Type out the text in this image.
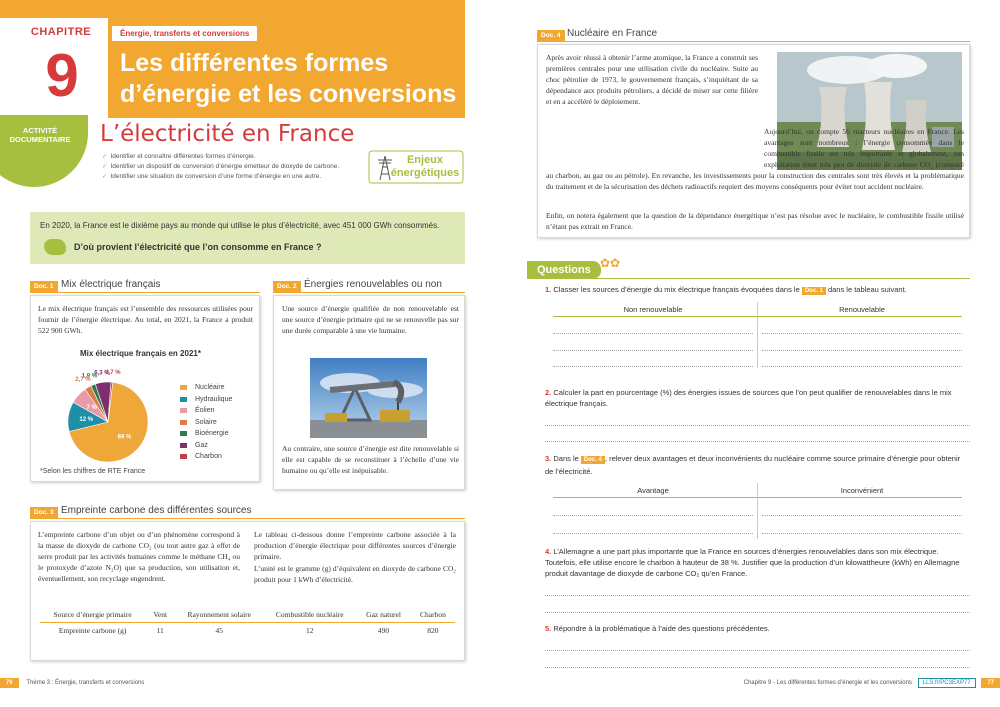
CHAPITRE
9
Énergie, transferts et conversions
Les différentes formes d’énergie et les conversions
ACTIVITÉ
DOCUMENTAIRE	L’électricité en France
✓ Identifier et connaître différentes formes d’énergie.
✓ Identifier un dispositif de conversion d’énergie émetteur de dioxyde de carbone.
✓ Identifier une situation de conversion d’une forme d’énergie en une autre.
Enjeux
énergétiques
En 2020, la France est le dixième pays au monde qui utilise le plus d’électricité, avec 451 000 GWh consommés.
D’où provient l’électricité que l’on consomme en France ?
Doc. 1 Mix électrique français
Le mix électrique français est l’ensemble des ressources utilisées pour fournir de l’énergie électrique. Au total, en 2021, la France a produit 522 900 GWh.
Mix électrique français en 2021*
69 %
12 %
7 %
2,7 %
1,9 %
6,3 %
0,7 %
Nucléaire
Hydraulique
Éolien
Solaire
Bioénergie
Gaz
Charbon
*Selon les chiffres de RTE France
Doc. 2 Énergies renouvelables ou non
Une source d’énergie qualifiée de non renouvelable est une source d’énergie primaire qui ne se renouvelle pas sur une durée comparable à une vie humaine.
Au contraire, une source d’énergie est dite renouvelable si elle est capable de se reconstituer à l’échelle d’une vie humaine ou qu’elle est inépuisable.
Doc. 3 Empreinte carbone des différentes sources
L’empreinte carbone d’un objet ou d’un phénomène correspond à la masse de dioxyde de carbone CO₂ (ou tout autre gaz à effet de serre produit par les activités humaines comme le méthane CH₄ ou le protoxyde d’azote N₂O) que sa production, son utilisation et, éventuellement, son recyclage engendrent.
Le tableau ci-dessous donne l’empreinte carbone associée à la production d’énergie électrique pour différentes sources d’énergie primaire.
L’unité est le gramme (g) d’équivalent en dioxyde de carbone CO₂ produit pour 1 kWh d’électricité.
Source d’énergie primaire	Vent	Rayonnement solaire	Combustible nucléaire	Gaz naturel	Charbon
Empreinte carbone (g)	11	45	12	490	820
Doc. 4 Nucléaire en France
Après avoir réussi à obtenir l’arme atomique, la France a construit ses premières centrales pour une utilisation civile du nucléaire. Suite au choc pétrolier de 1973, le gouvernement français, s’inquiétant de sa dépendance aux produits pétroliers, a décidé de miser sur cette filière et en a accéléré le déploiement.
Aujourd’hui, on compte 56 réacteurs nucléaires en France. Les avantages sont nombreux : l’énergie consommée dans le combustible fissile est très importante et globalement, son exploitation émet très peu de dioxyde de carbone CO₂ (comparé au charbon, au gaz ou au pétrole). En revanche, les investissements pour la construction des centrales sont très élevés et la problématique du traitement et de la sécurisation des déchets radioactifs requiert des moyens conséquents pour éviter tout accident nucléaire.
Enfin, on notera également que la question de la dépendance énergétique n’est pas résolue avec le nucléaire, le combustible fissile utilisé n’étant pas extrait en France.
Questions ✿✿
1. Classer les sources d’énergie du mix électrique français évoquées dans le Doc. 1 dans le tableau suivant.
Non renouvelable	Renouvelable
2. Calculer la part en pourcentage (%) des énergies issues de sources que l’on peut qualifier de renouvelables dans le mix électrique français.
3. Dans le Doc. 4 , relever deux avantages et deux inconvénients du nucléaire comme source primaire d’énergie pour obtenir de l’électricité.
Avantage	Inconvénient
4. L’Allemagne a une part plus importante que la France en sources d’énergies renouvelables dans son mix électrique. Toutefois, elle utilise encore le charbon à hauteur de 38 %. Justifier que la production d’un kilowattheure (kWh) en Allemagne produit davantage de dioxyde de carbone CO₂ qu’en France.
5. Répondre à la problématique à l’aide des questions précédentes.
76 Thème 3 : Énergie, transferts et conversions	Chapitre 9 - Les différentes formes d’énergie et les conversions LLS.fr/PC3EXP77	77
